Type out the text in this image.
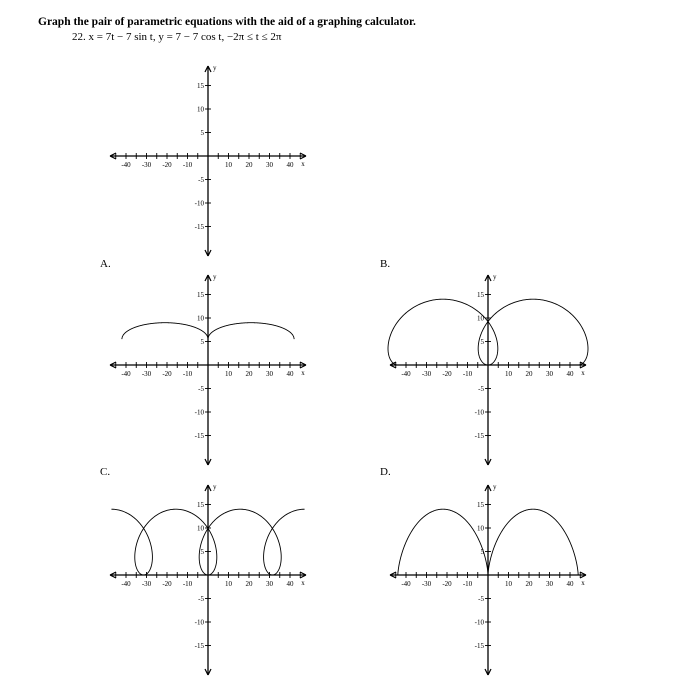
Graph the pair of parametric equations with the aid of a graphing calculator.
22. x = 7t − 7 sin t, y = 7 − 7 cos t, −2π ≤ t ≤ 2π
-40 -30 -20 -10	10 20 30 40 x
15
10
5
-5
-10
-15
y
A.
-40 -30 -20 -10	10 20 30 40 x
15
10
5
-5
-10
-15
y
B.
-40 -30 -20 -10	10 20 30 40 x
15
10
5
-5
-10
-15
y
C.
-40 -30 -20 -10	10 20 30 40 x
15
10
5
-5
-10
-15
y
D.
-40 -30 -20 -10	10 20 30 40 x
15
10
5
-5
-10
-15
y
